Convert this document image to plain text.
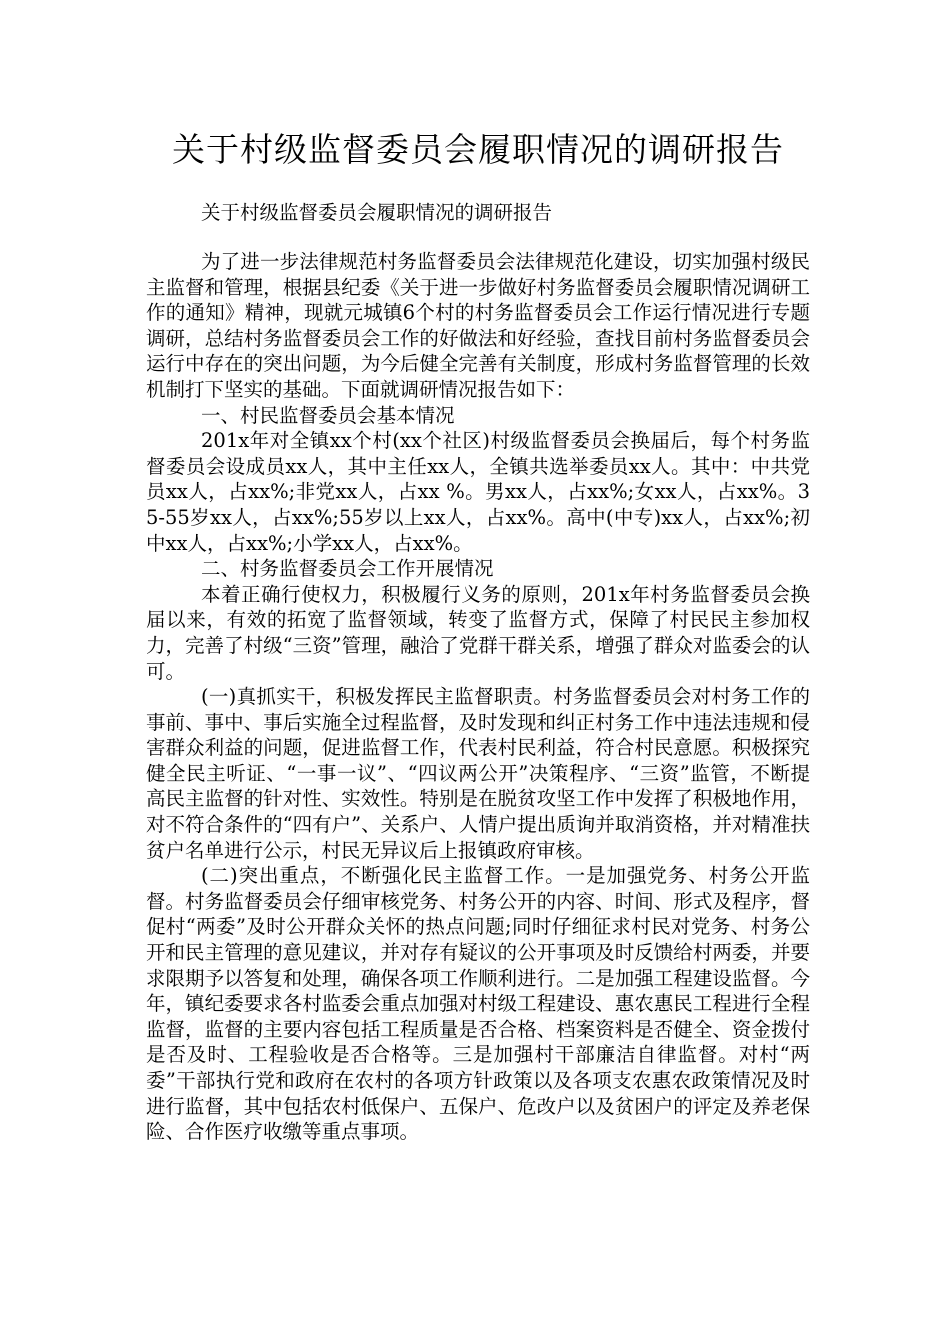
关于村级监督委员会履职情况的调研报告

关于村级监督委员会履职情况的调研报告

为了进一步法律规范村务监督委员会法律规范化建设，切实加强村级民主监督和管理，根据县纪委《关于进一步做好村务监督委员会履职情况调研工作的通知》精神，现就元城镇6个村的村务监督委员会工作运行情况进行专题调研，总结村务监督委员会工作的好做法和好经验，查找目前村务监督委员会运行中存在的突出问题，为今后健全完善有关制度，形成村务监督管理的长效机制打下坚实的基础。下面就调研情况报告如下：

一、村民监督委员会基本情况

201x年对全镇xx个村(xx个社区)村级监督委员会换届后，每个村务监督委员会设成员xx人，其中主任xx人，全镇共选举委员xx人。其中：中共党员xx人，占xx%;非党xx人，占xx %。男xx人，占xx%;女xx人，占xx%。35-55岁xx人，占xx%;55岁以上xx人，占xx%。高中(中专)xx人，占xx%;初中xx人，占xx%;小学xx人，占xx%。

二、村务监督委员会工作开展情况

本着正确行使权力，积极履行义务的原则，201x年村务监督委员会换届以来，有效的拓宽了监督领域，转变了监督方式，保障了村民民主参加权力，完善了村级“三资”管理，融洽了党群干群关系，增强了群众对监委会的认可。

(一)真抓实干，积极发挥民主监督职责。村务监督委员会对村务工作的事前、事中、事后实施全过程监督，及时发现和纠正村务工作中违法违规和侵害群众利益的问题，促进监督工作，代表村民利益，符合村民意愿。积极探究健全民主听证、“一事一议”、“四议两公开”决策程序、“三资”监管，不断提高民主监督的针对性、实效性。特别是在脱贫攻坚工作中发挥了积极地作用，对不符合条件的“四有户”、关系户、人情户提出质询并取消资格，并对精准扶贫户名单进行公示，村民无异议后上报镇政府审核。

(二)突出重点，不断强化民主监督工作。一是加强党务、村务公开监督。村务监督委员会仔细审核党务、村务公开的内容、时间、形式及程序，督促村“两委”及时公开群众关怀的热点问题;同时仔细征求村民对党务、村务公开和民主管理的意见建议，并对存有疑议的公开事项及时反馈给村两委，并要求限期予以答复和处理，确保各项工作顺利进行。二是加强工程建设监督。今年，镇纪委要求各村监委会重点加强对村级工程建设、惠农惠民工程进行全程监督，监督的主要内容包括工程质量是否合格、档案资料是否健全、资金拨付是否及时、工程验收是否合格等。三是加强村干部廉洁自律监督。对村“两委”干部执行党和政府在农村的各项方针政策以及各项支农惠农政策情况及时进行监督，其中包括农村低保户、五保户、危改户以及贫困户的评定及养老保险、合作医疗收缴等重点事项。
